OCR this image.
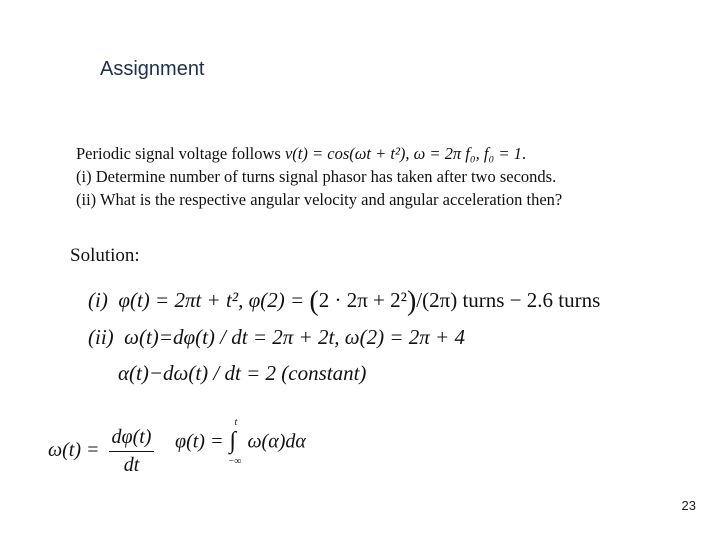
Assignment
Periodic signal voltage follows v(t) = cos(ωt + t²), ω = 2π f₀, f₀ = 1.
(i) Determine number of turns signal phasor has taken after two seconds.
(ii) What is the respective angular velocity and angular acceleration then?
Solution:
(i) φ(t) = 2πt + t², φ(2) = (2 · 2π + 2²)/(2π) turns − 2.6 turns
(ii) ω(t)=dφ(t) / dt = 2π + 2t, ω(2) = 2π + 4
α(t)−dω(t) / dt = 2 (constant)
$\omega(t) = \frac{d\varphi(t)}{dt} \varphi(t)$ = ∫
t
−∞
ω(α)dα
23
